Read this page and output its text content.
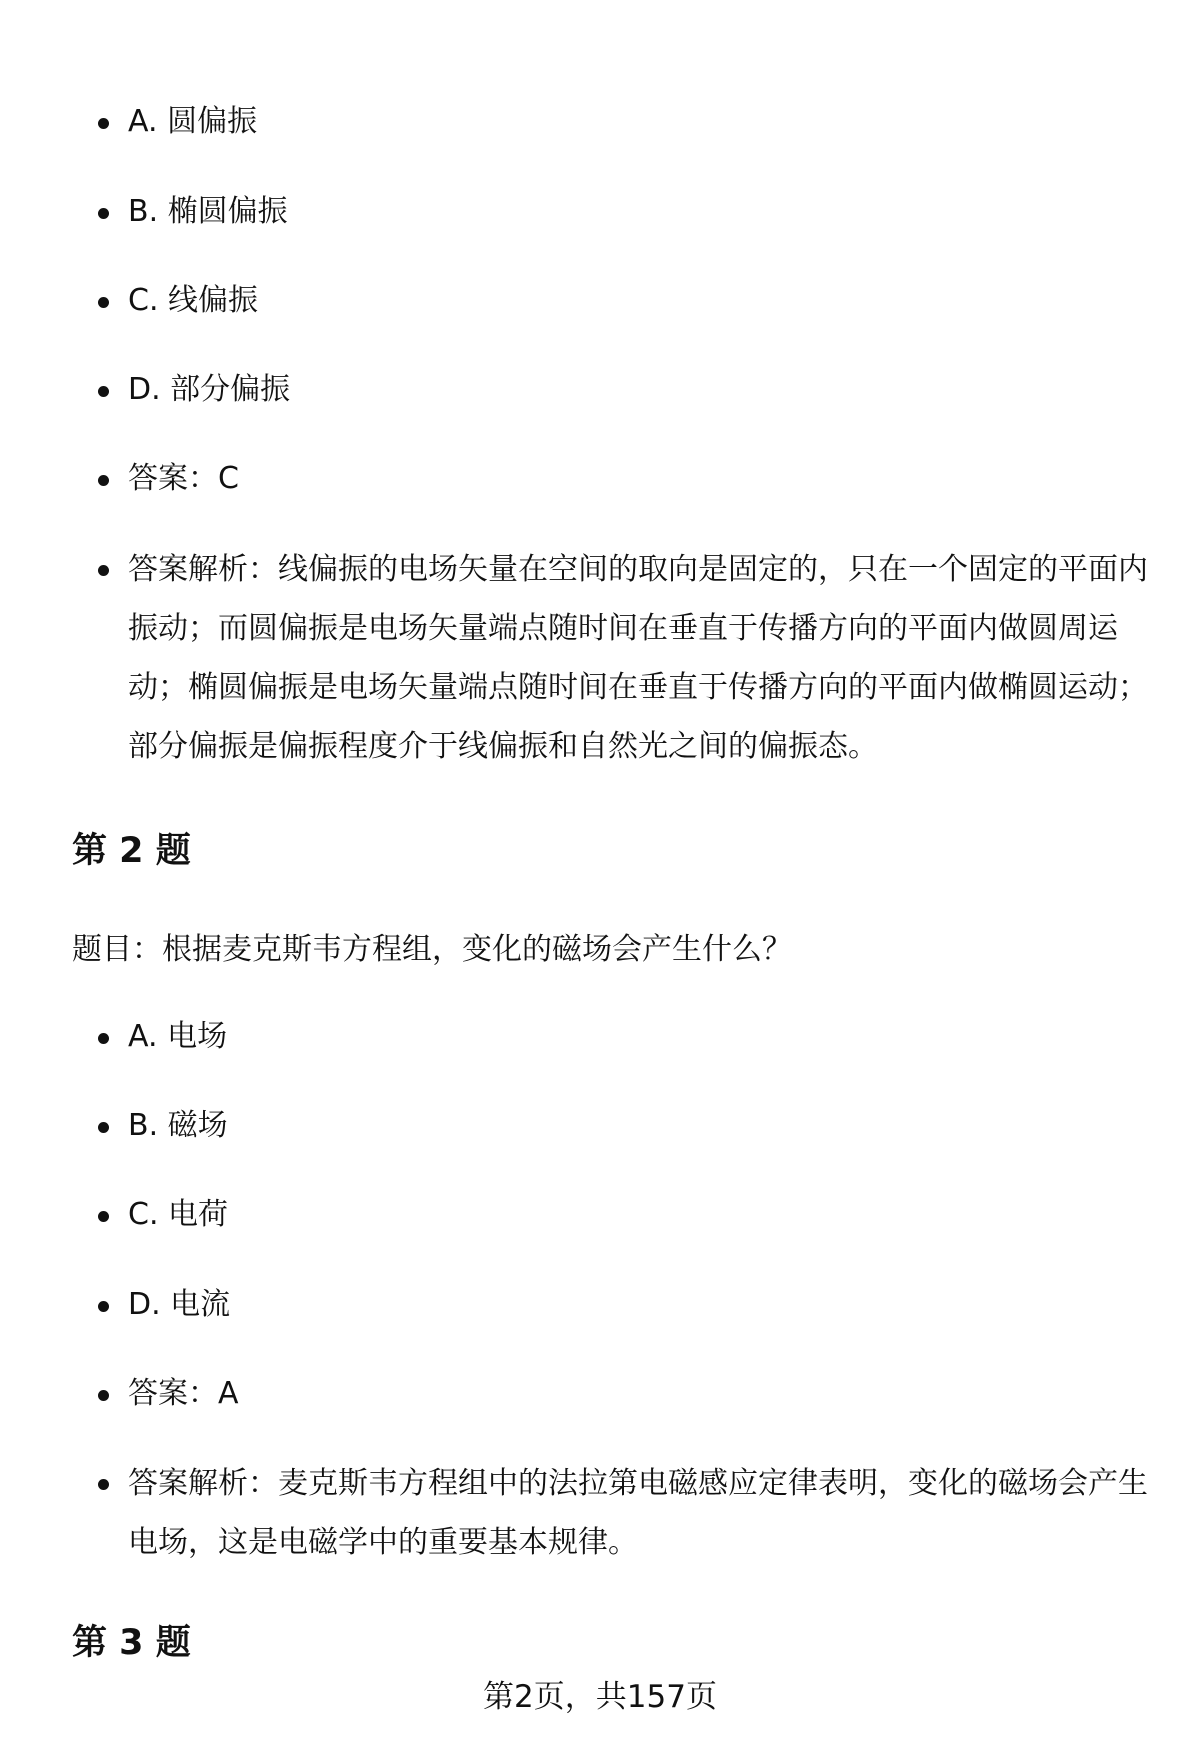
A. 圆偏振
B. 椭圆偏振
C. 线偏振
D. 部分偏振
答案：C
答案解析：线偏振的电场矢量在空间的取向是固定的，只在一个固定的平面内
振动；而圆偏振是电场矢量端点随时间在垂直于传播方向的平面内做圆周运
动；椭圆偏振是电场矢量端点随时间在垂直于传播方向的平面内做椭圆运动；
部分偏振是偏振程度介于线偏振和自然光之间的偏振态。
第 2 题
题目：根据麦克斯韦方程组，变化的磁场会产生什么？
A. 电场
B. 磁场
C. 电荷
D. 电流
答案：A
答案解析：麦克斯韦方程组中的法拉第电磁感应定律表明，变化的磁场会产生
电场，这是电磁学中的重要基本规律。
第 3 题
第2页，共157页
